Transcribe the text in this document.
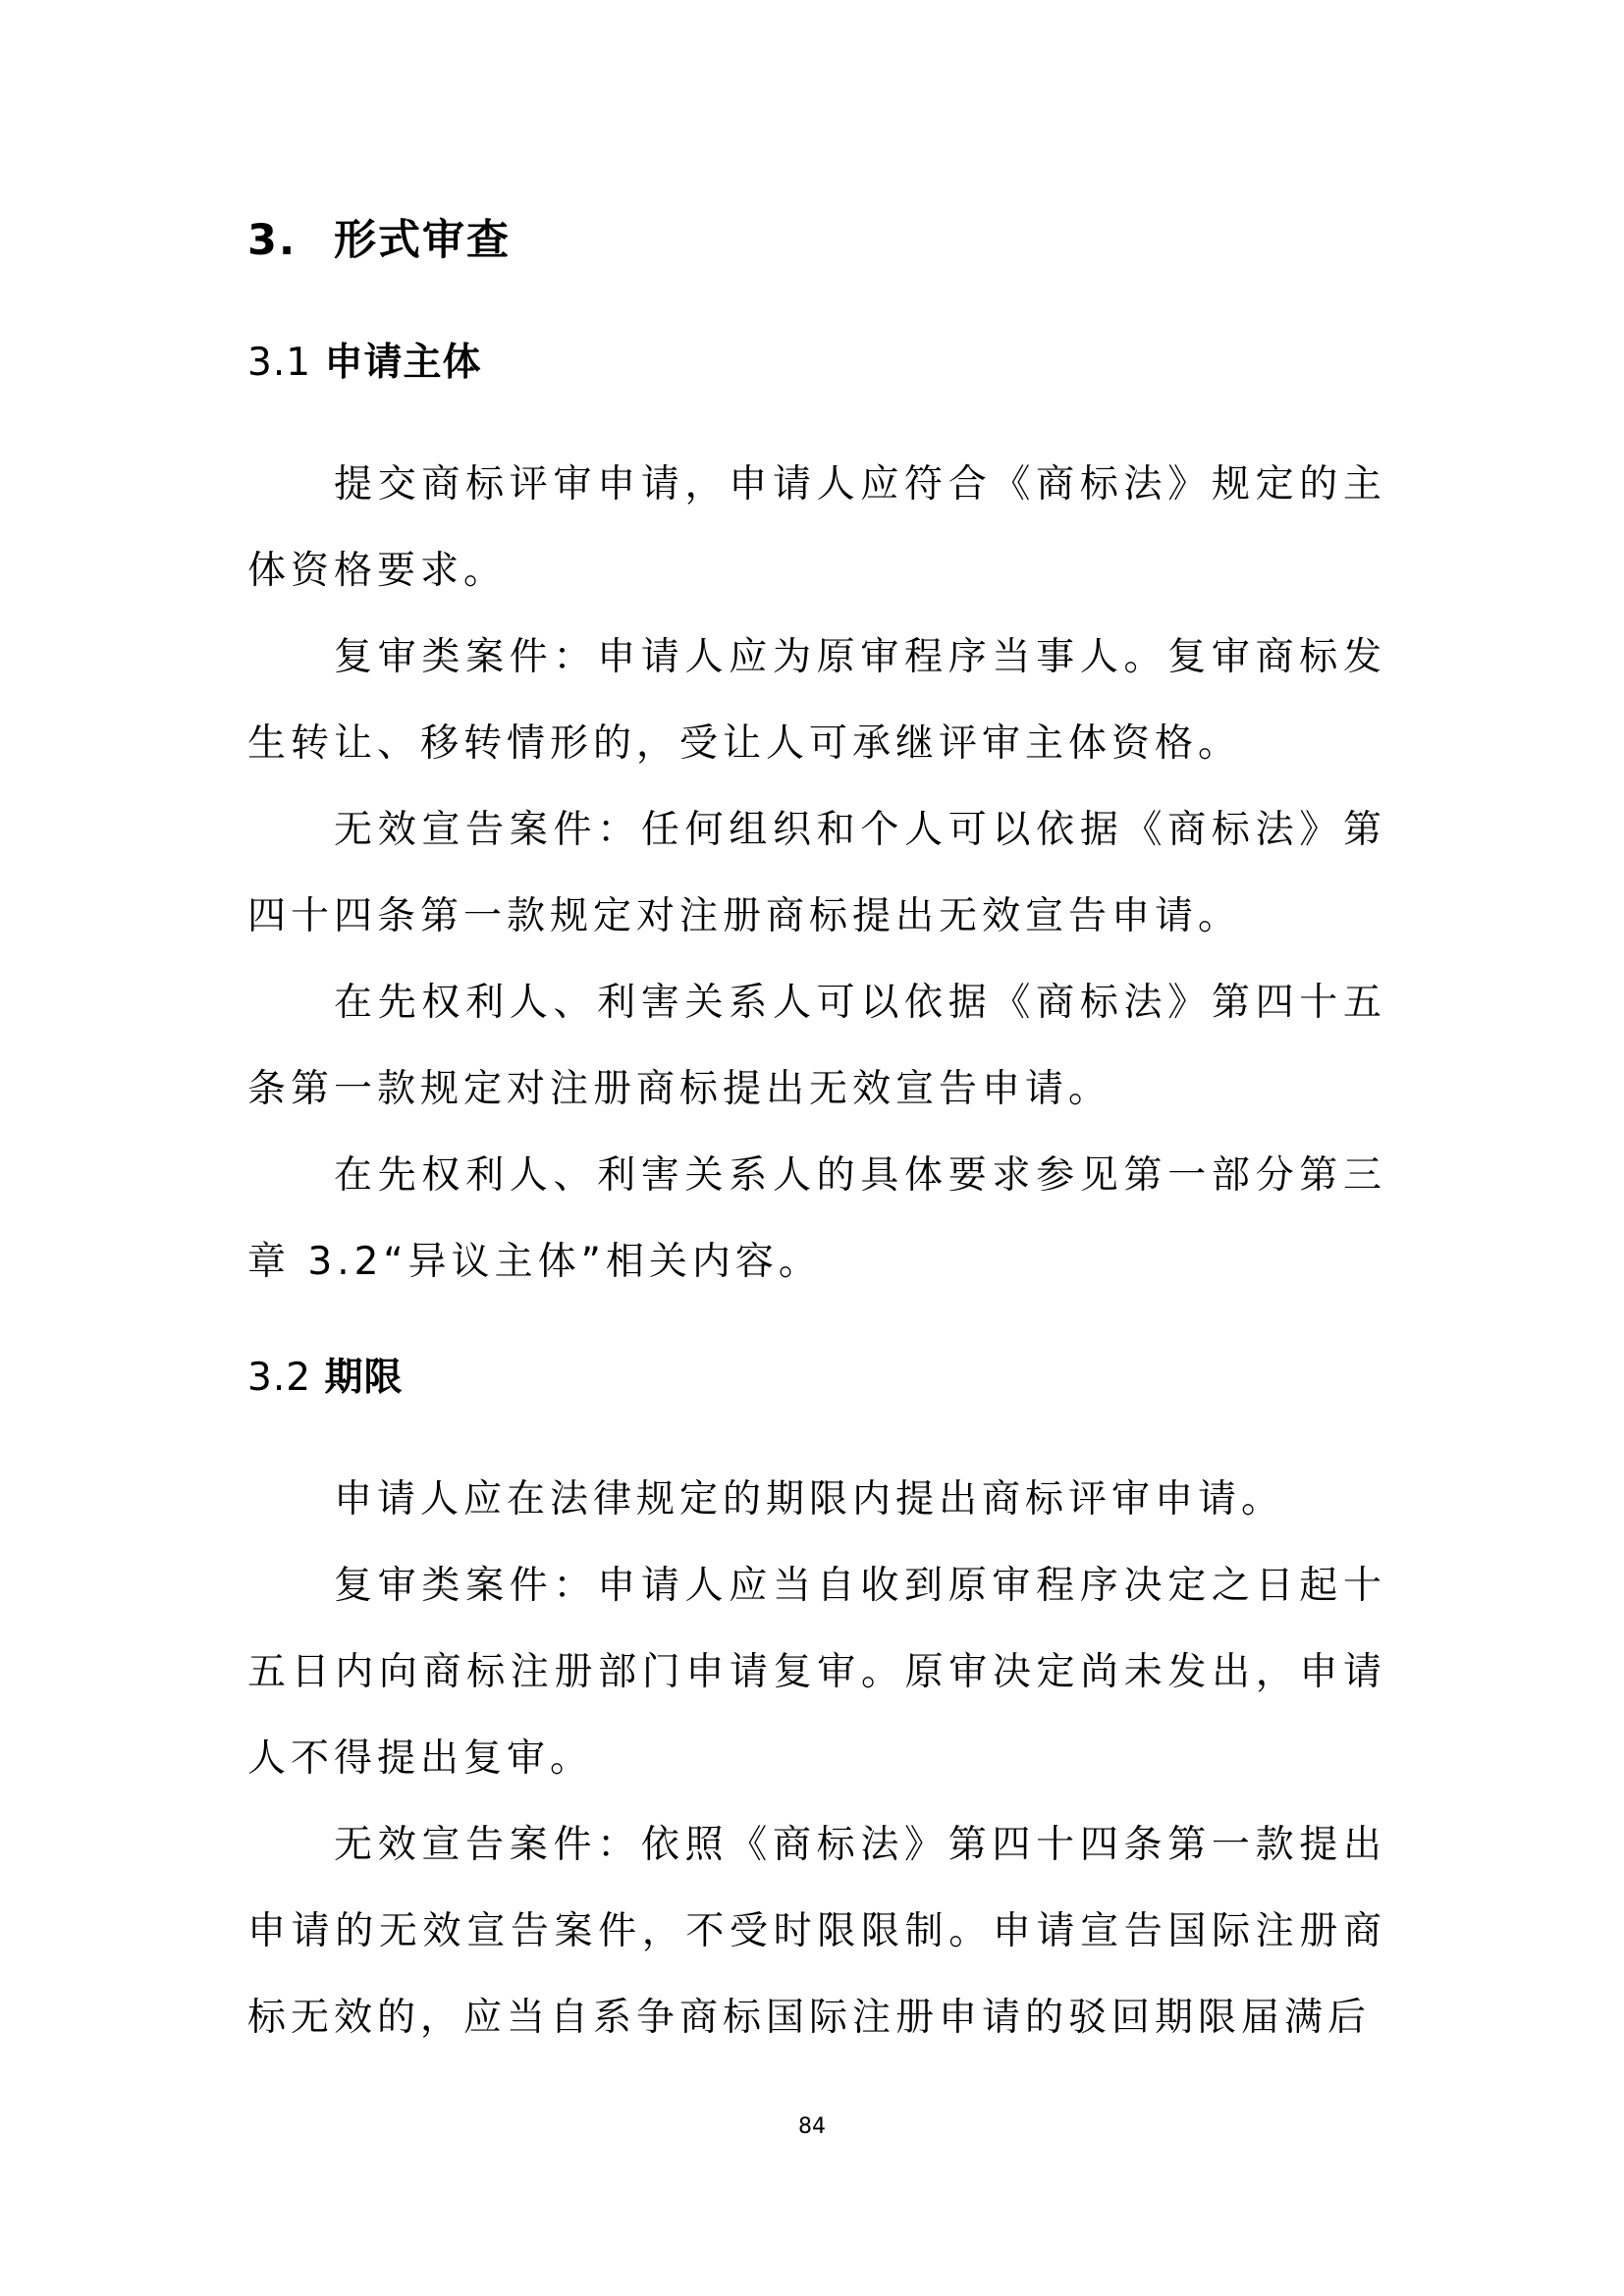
3. 形式审查
3.1 申请主体

提交商标评审申请，申请人应符合《商标法》规定的主体资格要求。

复审类案件：申请人应为原审程序当事人。复审商标发生转让、移转情形的，受让人可承继评审主体资格。

无效宣告案件：任何组织和个人可以依据《商标法》第四十四条第一款规定对注册商标提出无效宣告申请。

在先权利人、利害关系人可以依据《商标法》第四十五条第一款规定对注册商标提出无效宣告申请。

在先权利人、利害关系人的具体要求参见第一部分第三章 3.2“异议主体”相关内容。

3.2 期限

申请人应在法律规定的期限内提出商标评审申请。

复审类案件：申请人应当自收到原审程序决定之日起十五日内向商标注册部门申请复审。原审决定尚未发出，申请人不得提出复审。

无效宣告案件：依照《商标法》第四十四条第一款提出申请的无效宣告案件，不受时限限制。申请宣告国际注册商标无效的，应当自系争商标国际注册申请的驳回期限届满后

84
